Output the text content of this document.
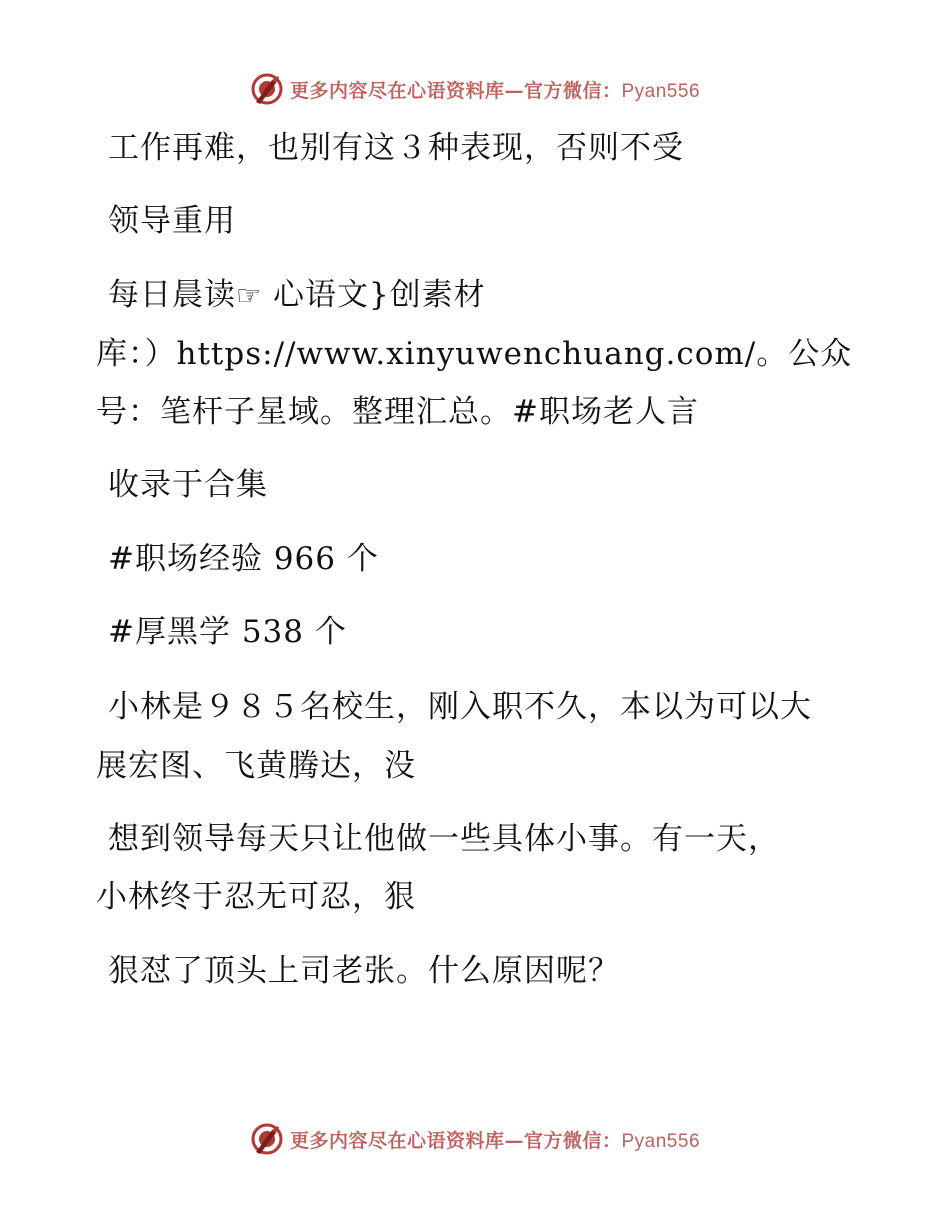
更多内容尽在心语资料库—官方微信：Pyan556
工作再难，也别有这３种表现，否则不受
领导重用
每日晨读☞ 心语文}创素材
库：）https://www.xinyuwenchuang.com/。公众
号：笔杆子星域。整理汇总。#职场老人言
收录于合集
#职场经验 966 个
#厚黑学 538 个
小林是９８５名校生，刚入职不久，本以为可以大
展宏图、飞黄腾达，没
想到领导每天只让他做一些具体小事。有一天，
小林终于忍无可忍，狠
狠怼了顶头上司老张。什么原因呢？
更多内容尽在心语资料库—官方微信：Pyan556
